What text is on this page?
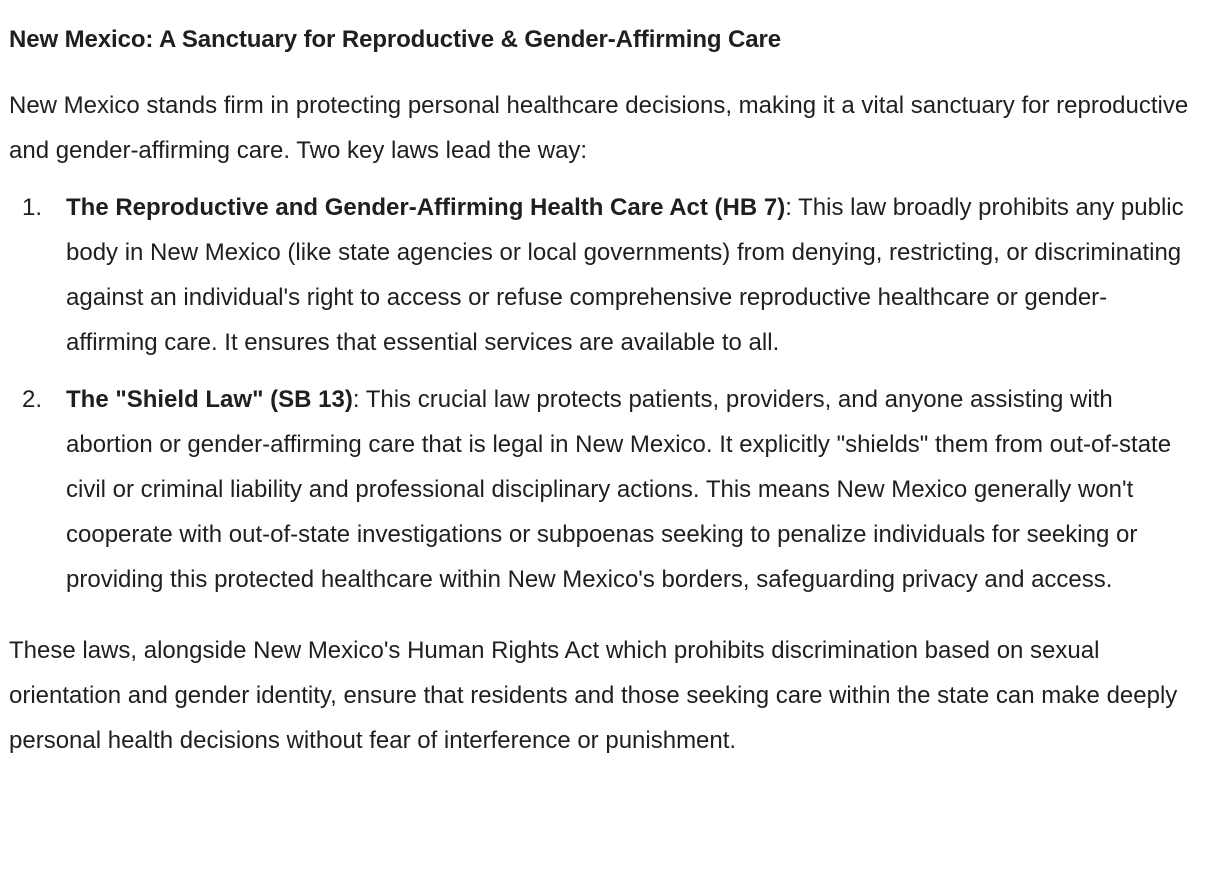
New Mexico: A Sanctuary for Reproductive & Gender-Affirming Care

New Mexico stands firm in protecting personal healthcare decisions, making it a vital sanctuary for reproductive and gender-affirming care. Two key laws lead the way:

1. The Reproductive and Gender-Affirming Health Care Act (HB 7): This law broadly prohibits any public body in New Mexico (like state agencies or local governments) from denying, restricting, or discriminating against an individual's right to access or refuse comprehensive reproductive healthcare or gender-affirming care. It ensures that essential services are available to all.
2. The "Shield Law" (SB 13): This crucial law protects patients, providers, and anyone assisting with abortion or gender-affirming care that is legal in New Mexico. It explicitly "shields" them from out-of-state civil or criminal liability and professional disciplinary actions. This means New Mexico generally won't cooperate with out-of-state investigations or subpoenas seeking to penalize individuals for seeking or providing this protected healthcare within New Mexico's borders, safeguarding privacy and access.

These laws, alongside New Mexico's Human Rights Act which prohibits discrimination based on sexual orientation and gender identity, ensure that residents and those seeking care within the state can make deeply personal health decisions without fear of interference or punishment.
